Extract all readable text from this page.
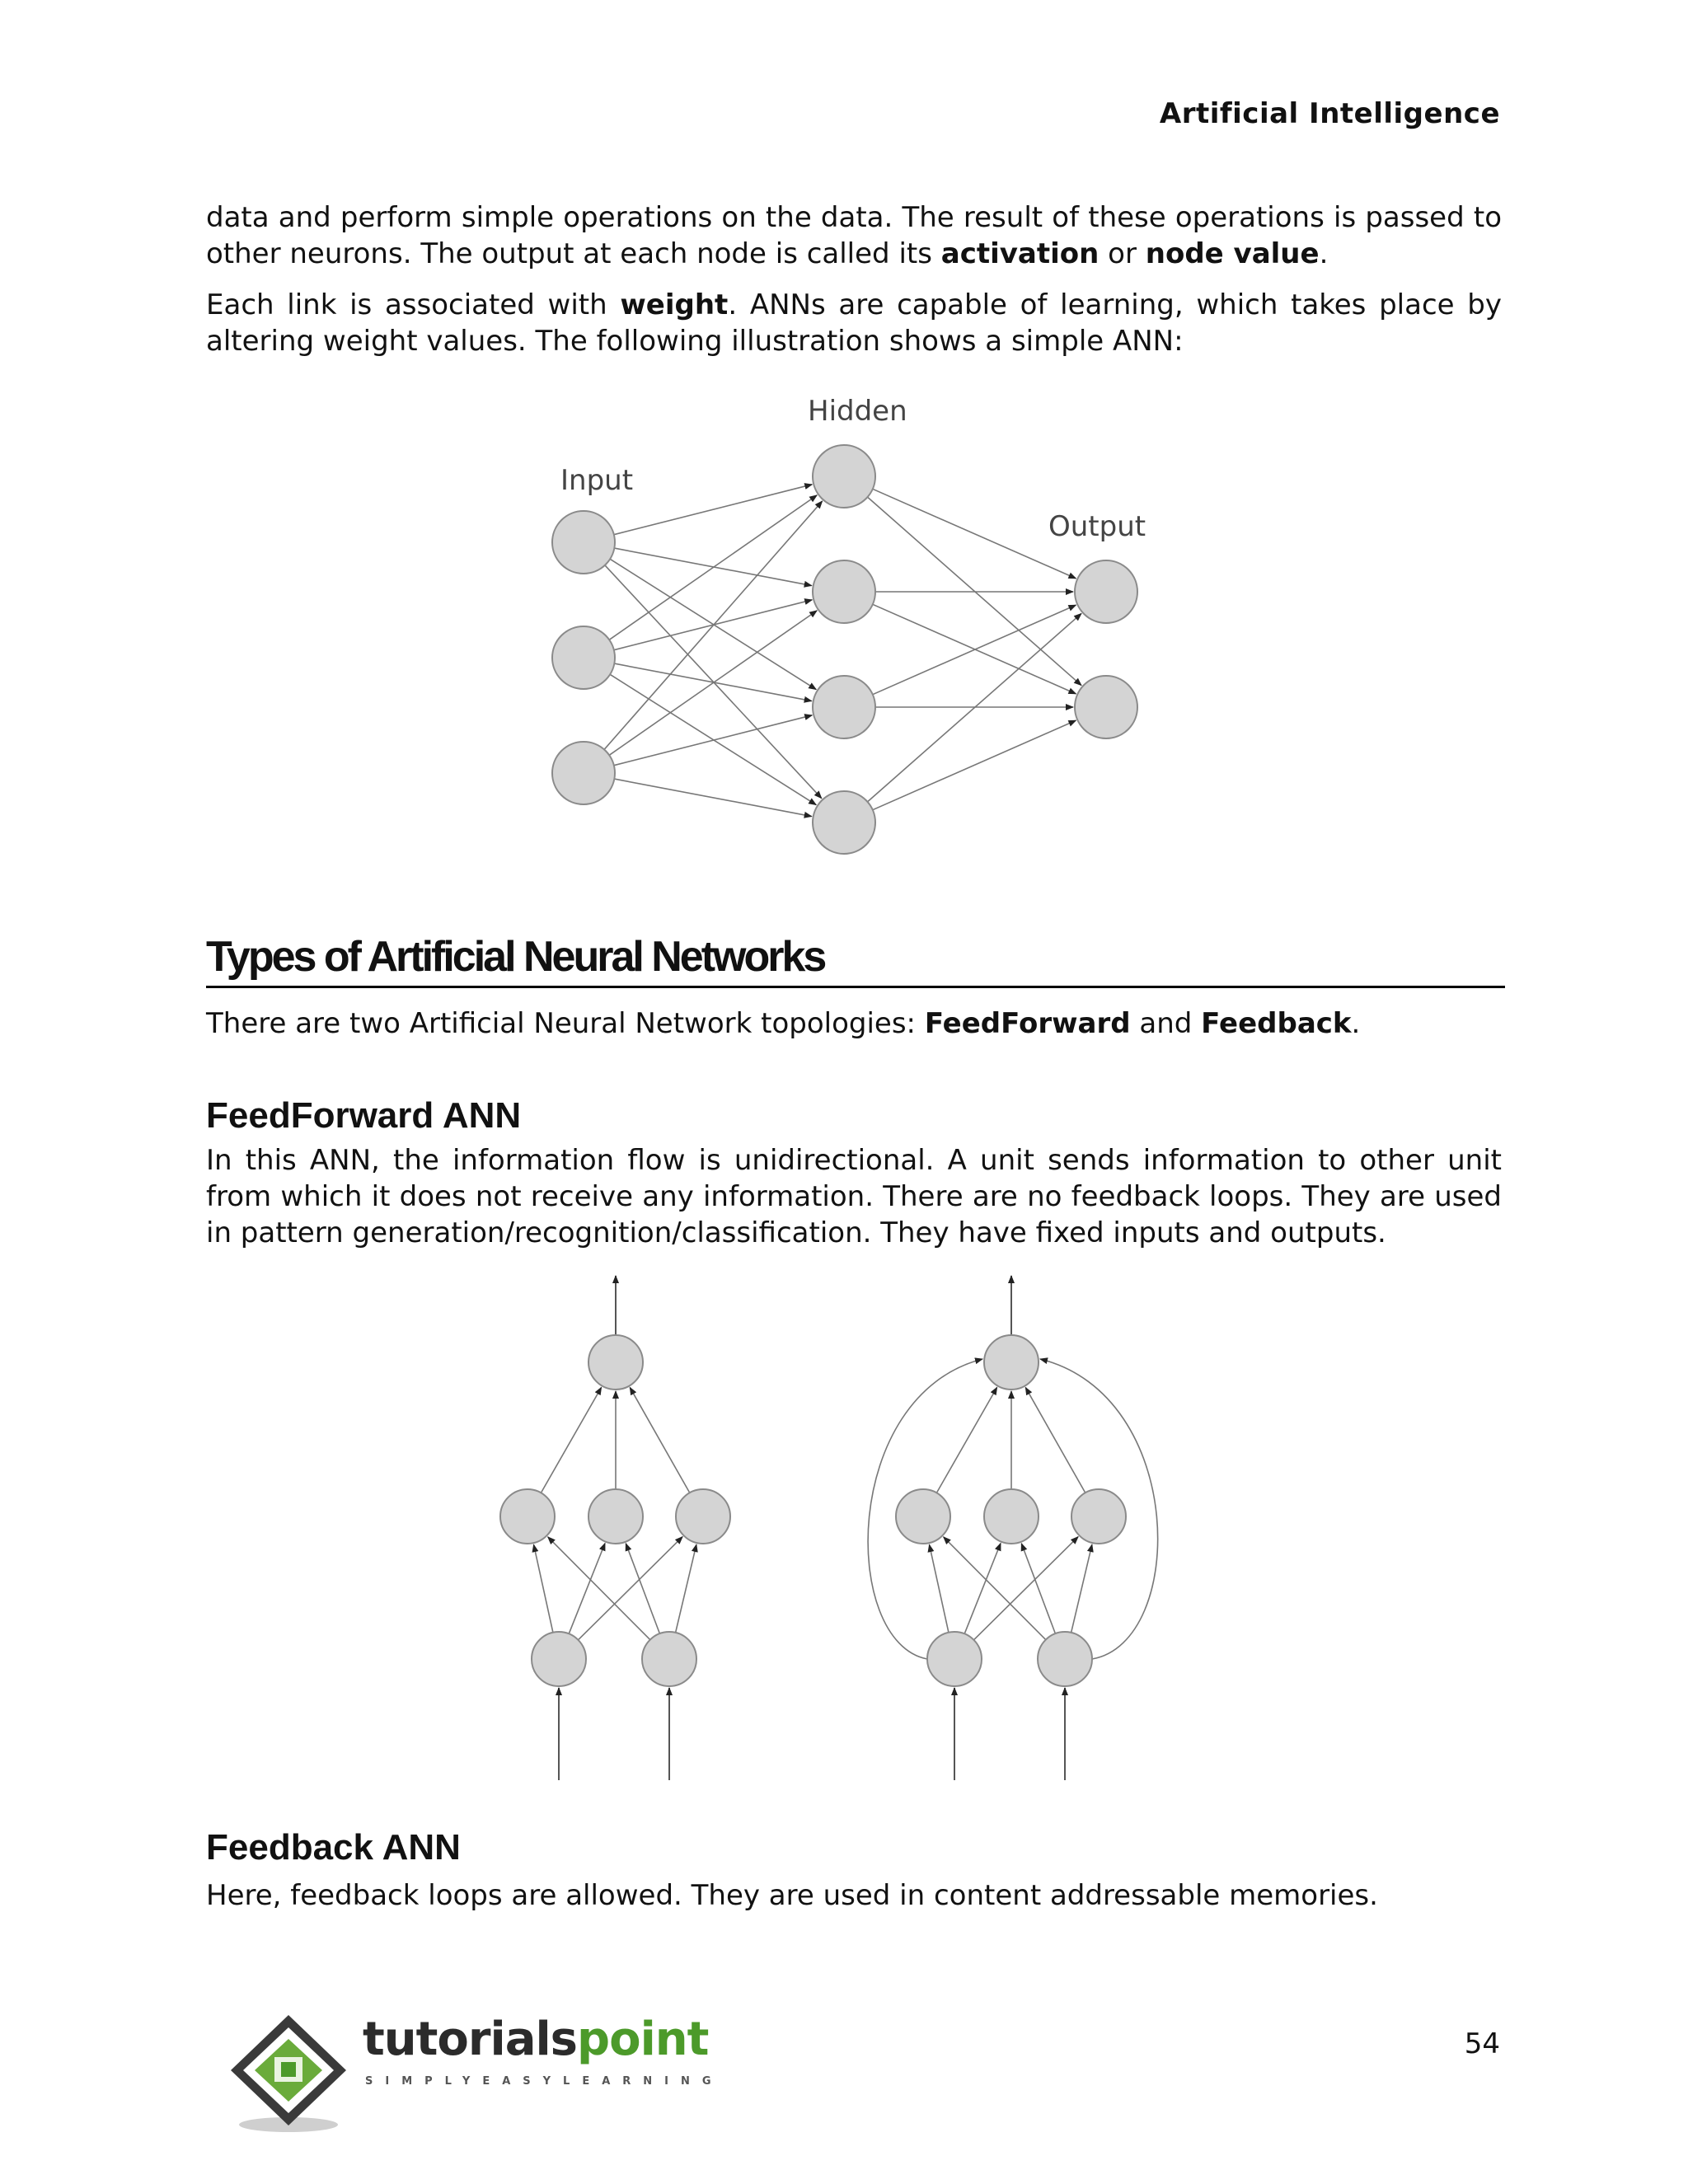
Artificial Intelligence
data and perform simple operations on the data. The result of these operations is passed to other neurons. The output at each node is called its activation or node value.
Each link is associated with weight. ANNs are capable of learning, which takes place by altering weight values. The following illustration shows a simple ANN:
Input
Hidden
Output
Types of Artificial Neural Networks
There are two Artificial Neural Network topologies: FeedForward and Feedback.
FeedForward ANN
In this ANN, the information flow is unidirectional. A unit sends information to other unit from which it does not receive any information. There are no feedback loops. They are used in pattern generation/recognition/classification. They have fixed inputs and outputs.
Feedback ANN
Here, feedback loops are allowed. They are used in content addressable memories.
54
tutorialspoint
SIMPLYEASYLEARNING
